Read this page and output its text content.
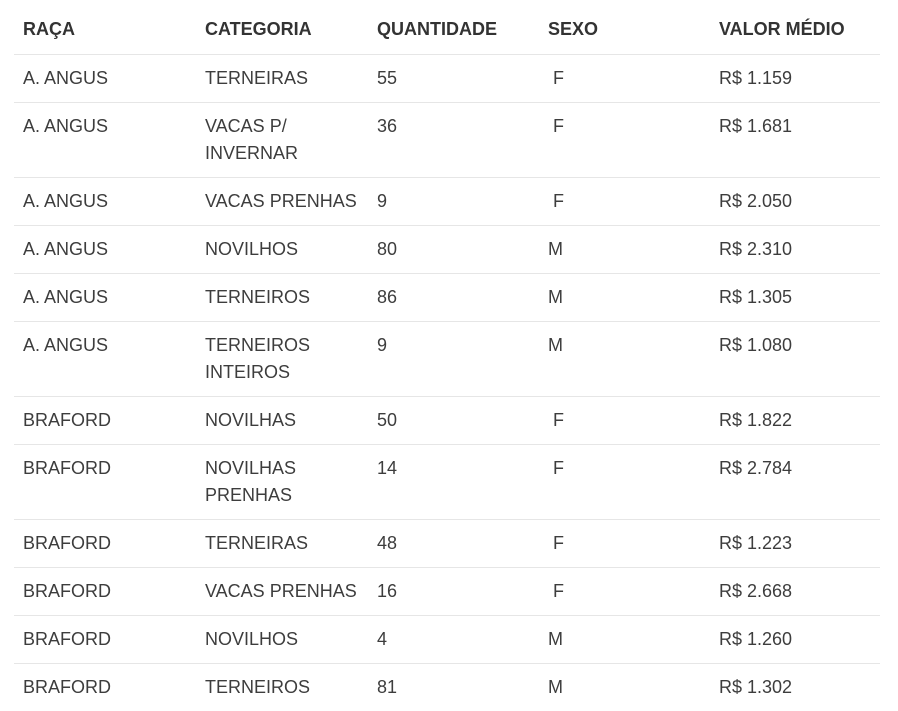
RAÇA	CATEGORIA	QUANTIDADE	SEXO	VALOR MÉDIO
A. ANGUS	TERNEIRAS	55	F	R$ 1.159
A. ANGUS	VACAS P/ INVERNAR	36	F	R$ 1.681
A. ANGUS	VACAS PRENHAS	9	F	R$ 2.050
A. ANGUS	NOVILHOS	80	M	R$ 2.310
A. ANGUS	TERNEIROS	86	M	R$ 1.305
A. ANGUS	TERNEIROS INTEIROS	9	M	R$ 1.080
BRAFORD	NOVILHAS	50	F	R$ 1.822
BRAFORD	NOVILHAS PRENHAS	14	F	R$ 2.784
BRAFORD	TERNEIRAS	48	F	R$ 1.223
BRAFORD	VACAS PRENHAS	16	F	R$ 2.668
BRAFORD	NOVILHOS	4	M	R$ 1.260
BRAFORD	TERNEIROS	81	M	R$ 1.302
